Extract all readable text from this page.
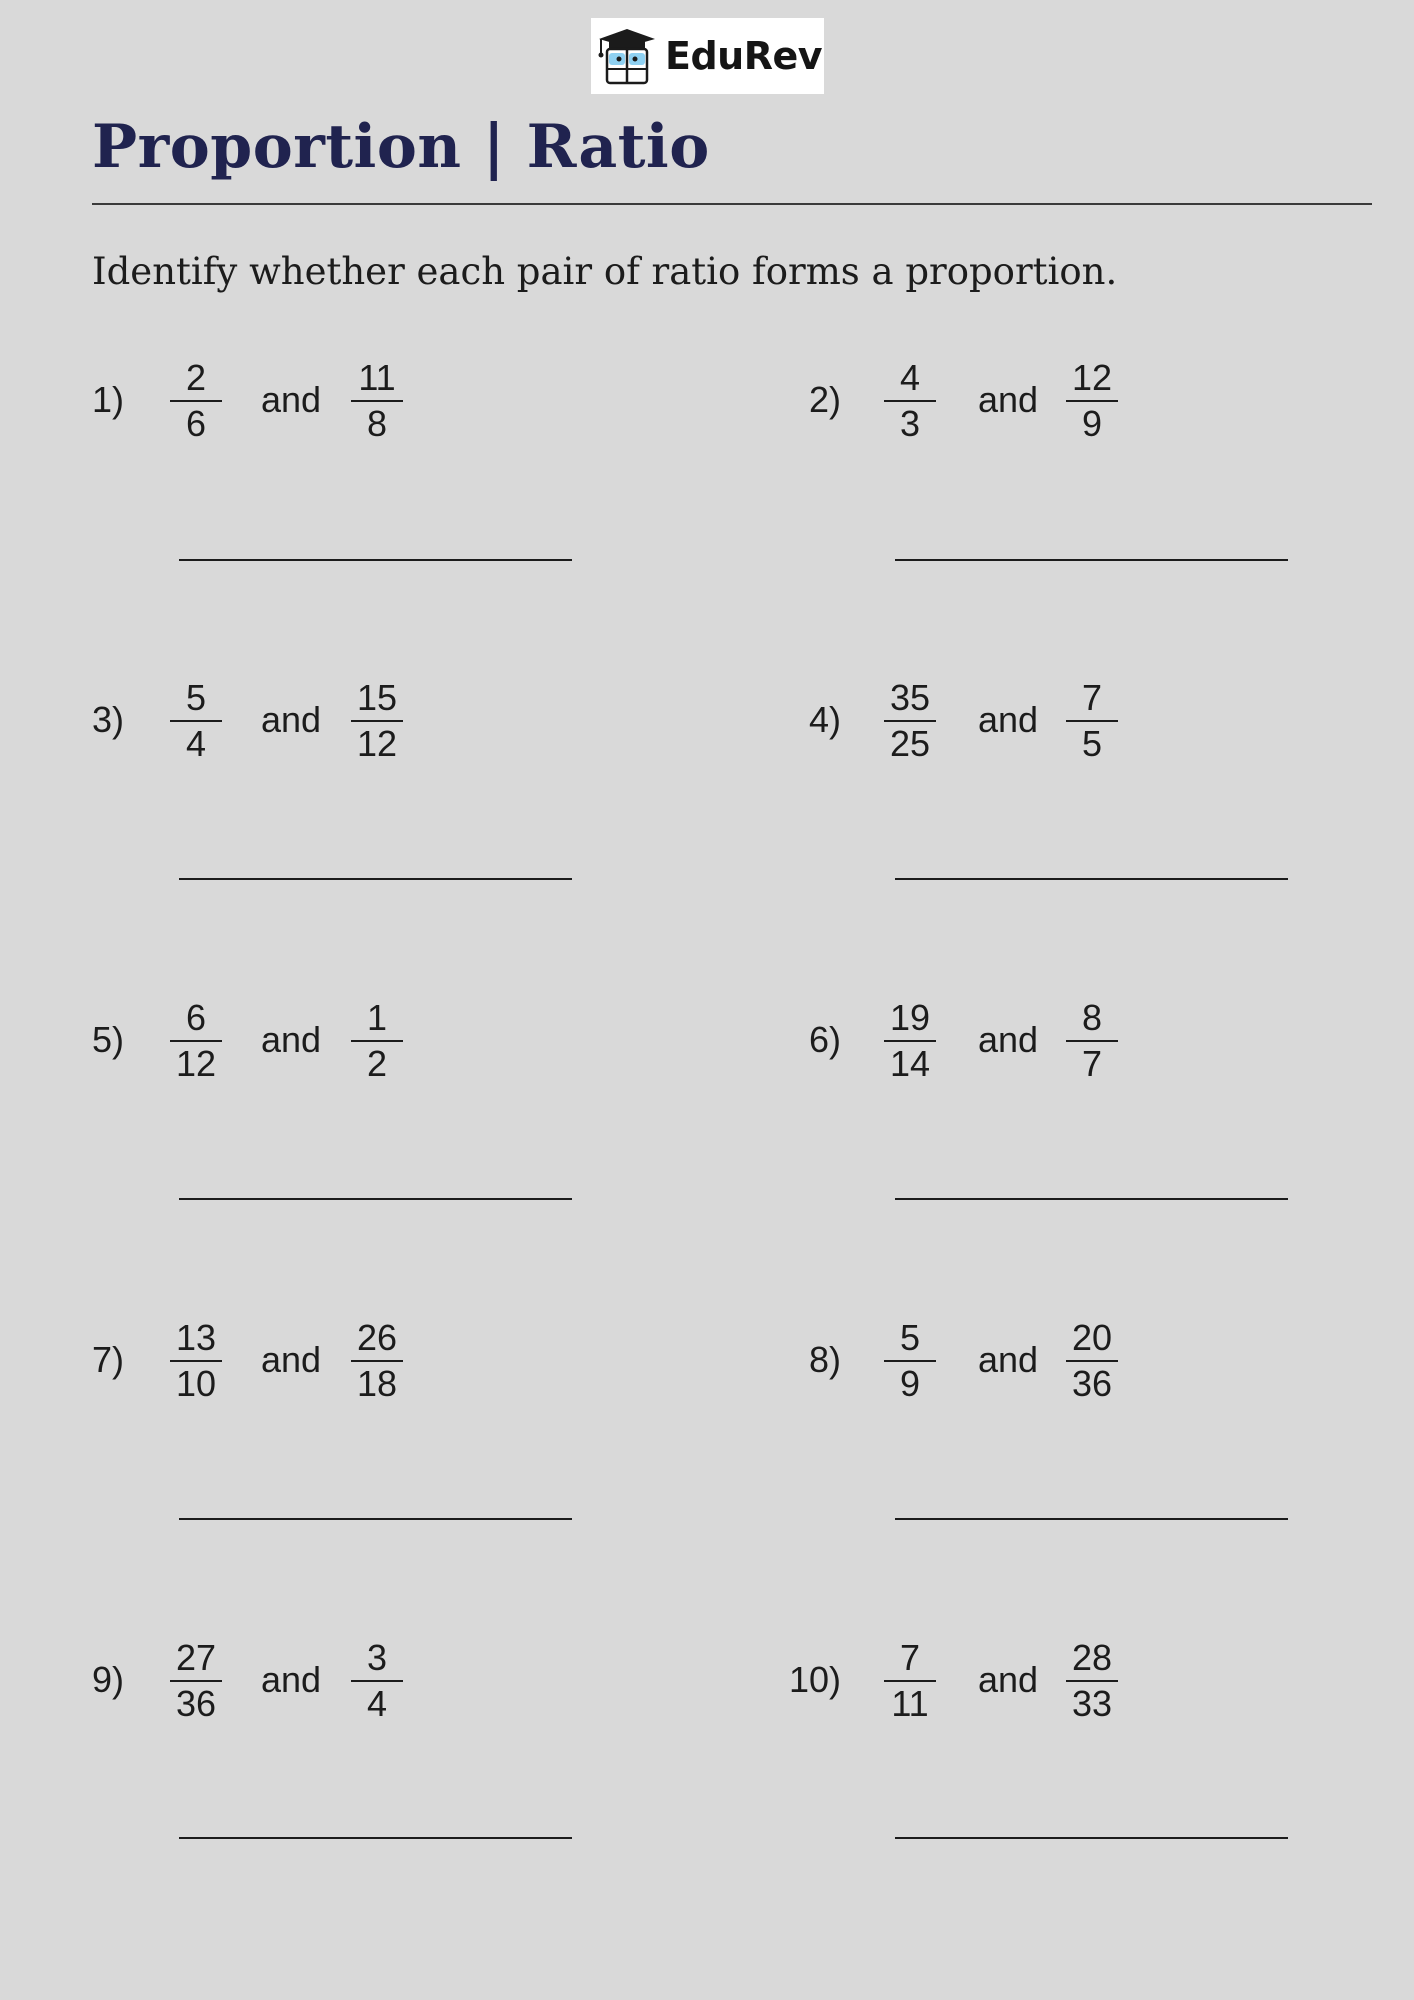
EduRev
Proportion | Ratio

Identify whether each pair of ratio forms a proportion.

1)
2
6
and
11
8
2)
4
3
and
12
9
3)
5
4
and
15
12
4)
35
25
and
7
5
5)
6
12
and
1
2
6)
19
14
and
8
7
7)
13
10
and
26
18
8)
5
9
and
20
36
9)
27
36
and
3
4
10)
7
11
and
28
33
